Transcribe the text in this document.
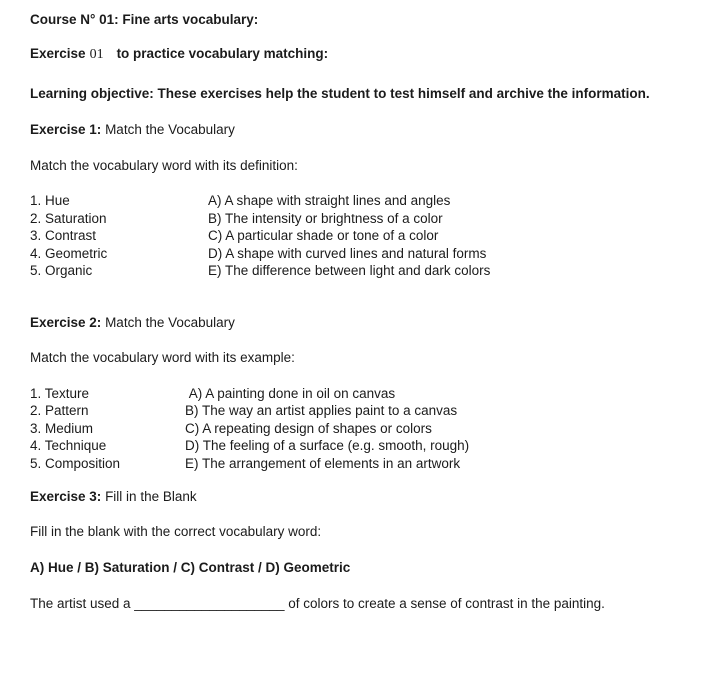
Course N° 01: Fine arts vocabulary:

Exercise 01 to practice vocabulary matching:

Learning objective: These exercises help the student to test himself and archive the information.

Exercise 1: Match the Vocabulary

Match the vocabulary word with its definition:

1. Hue	A) A shape with straight lines and angles
2. Saturation	B) The intensity or brightness of a color
3. Contrast	C) A particular shade or tone of a color
4. Geometric	D) A shape with curved lines and natural forms
5. Organic	E) The difference between light and dark colors

Exercise 2: Match the Vocabulary

Match the vocabulary word with its example:

1. Texture	A) A painting done in oil on canvas
2. Pattern	B) The way an artist applies paint to a canvas
3. Medium	C) A repeating design of shapes or colors
4. Technique	D) The feeling of a surface (e.g. smooth, rough)
5. Composition	E) The arrangement of elements in an artwork

Exercise 3: Fill in the Blank

Fill in the blank with the correct vocabulary word:

A) Hue / B) Saturation / C) Contrast / D) Geometric

The artist used a ____________________ of colors to create a sense of contrast in the painting.
